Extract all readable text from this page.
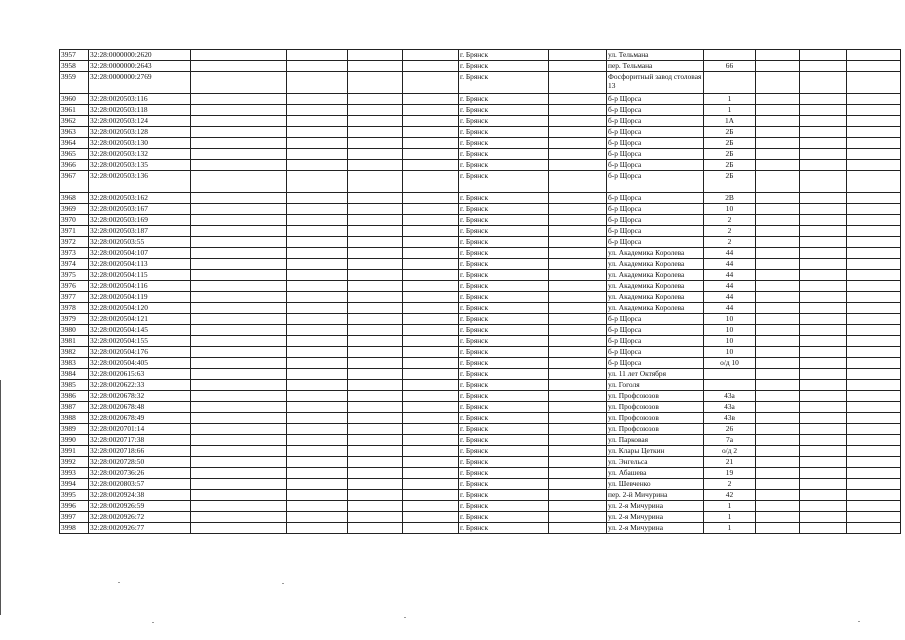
3957	32:28:0000000:2620					г. Брянск		ул. Тельмана				
3958	32:28:0000000:2643					г. Брянск		пер. Тельмана	66			
3959	32:28:0000000:2769					г. Брянск		Фосфоритный завод столовая 13				
3960	32:28:0020503:116					г. Брянск		б-р Щорса	1			
3961	32:28:0020503:118					г. Брянск		б-р Щорса	1			
3962	32:28:0020503:124					г. Брянск		б-р Щорса	1А			
3963	32:28:0020503:128					г. Брянск		б-р Щорса	2Б			
3964	32:28:0020503:130					г. Брянск		б-р Щорса	2Б			
3965	32:28:0020503:132					г. Брянск		б-р Щорса	2Б			
3966	32:28:0020503:135					г. Брянск		б-р Щорса	2Б			
3967	32:28:0020503:136					г. Брянск		б-р Щорса	2Б			
3968	32:28:0020503:162					г. Брянск		б-р Щорса	2В			
3969	32:28:0020503:167					г. Брянск		б-р Щорса	10			
3970	32:28:0020503:169					г. Брянск		б-р Щорса	2			
3971	32:28:0020503:187					г. Брянск		б-р Щорса	2			
3972	32:28:0020503:55					г. Брянск		б-р Щорса	2			
3973	32:28:0020504:107					г. Брянск		ул. Академика Королева	44			
3974	32:28:0020504:113					г. Брянск		ул. Академика Королева	44			
3975	32:28:0020504:115					г. Брянск		ул. Академика Королева	44			
3976	32:28:0020504:116					г. Брянск		ул. Академика Королева	44			
3977	32:28:0020504:119					г. Брянск		ул. Академика Королева	44			
3978	32:28:0020504:120					г. Брянск		ул. Академика Королева	44			
3979	32:28:0020504:121					г. Брянск		б-р Щорса	10			
3980	32:28:0020504:145					г. Брянск		б-р Щорса	10			
3981	32:28:0020504:155					г. Брянск		б-р Щорса	10			
3982	32:28:0020504:176					г. Брянск		б-р Щорса	10			
3983	32:28:0020504:405					г. Брянск		б-р Щорса	о/д 10			
3984	32:28:0020615:63					г. Брянск		ул. 11 лет Октября				
3985	32:28:0020622:33					г. Брянск		ул. Гоголя				
3986	32:28:0020678:32					г. Брянск		ул. Профсоюзов	43а			
3987	32:28:0020678:48					г. Брянск		ул. Профсоюзов	43а			
3988	32:28:0020678:49					г. Брянск		ул. Профсоюзов	43в			
3989	32:28:0020701:14					г. Брянск		ул. Профсоюзов	26			
3990	32:28:0020717:38					г. Брянск		ул. Парковая	7а			
3991	32:28:0020718:66					г. Брянск		ул. Клары Цеткин	о/д 2			
3992	32:28:0020728:50					г. Брянск		ул. Энгельса	21			
3993	32:28:0020736:26					г. Брянск		ул. Абашева	19			
3994	32:28:0020803:57					г. Брянск		ул. Шевченко	2			
3995	32:28:0020924:38					г. Брянск		пер. 2-й Мичурина	42			
3996	32:28:0020926:59					г. Брянск		ул. 2-я Мичурина	1			
3997	32:28:0020926:72					г. Брянск		ул. 2-я Мичурина	1			
3998	32:28:0020926:77					г. Брянск		ул. 2-я Мичурина	1			
